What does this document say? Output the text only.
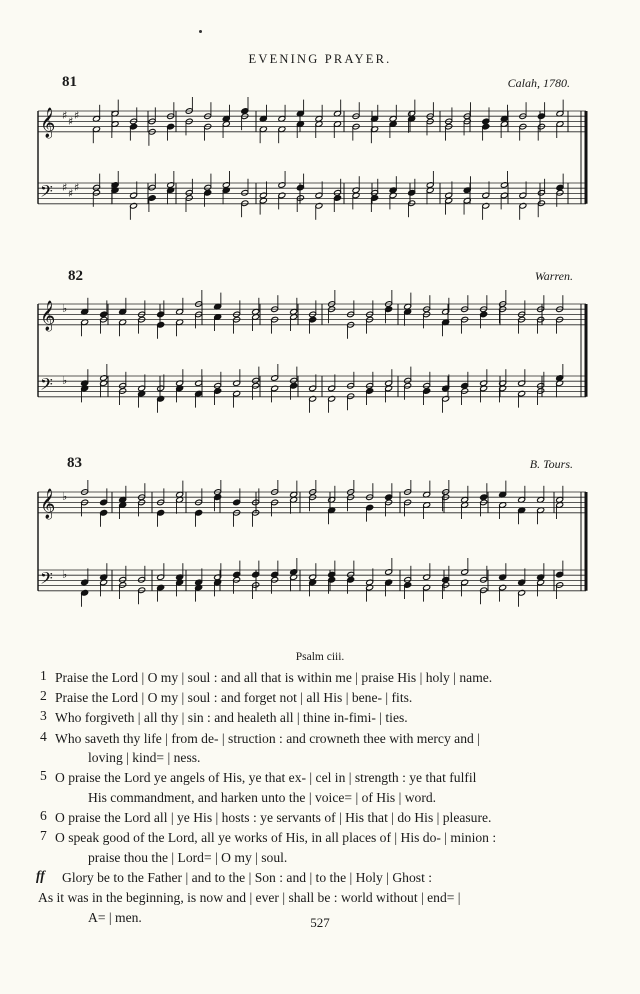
EVENING PRAYER.
81	Calah, 1780.
𝄞 ♯ ♯ ♯
𝄢 ♯ ♯ ♯
82	Warren.
𝄞 ♭
𝄢 ♭
83	B. Tours.
𝄞 ♭
𝄢 ♭
Psalm ciii.
1 Praise the Lord | O my | soul : and all that is within me | praise His | holy | name.
2 Praise the Lord | O my | soul : and forget not | all His | bene- | fits.
3 Who forgiveth | all thy | sin : and healeth all | thine in-fimi- | ties.
4 Who saveth thy life | from de- | struction : and crowneth thee with mercy and |
loving | kind= | ness.
5 O praise the Lord ye angels of His, ye that ex- | cel in | strength : ye that fulfil
His commandment, and harken unto the | voice= | of His | word.
6 O praise the Lord all | ye His | hosts : ye servants of | His that | do His | pleasure.
7 O speak good of the Lord, all ye works of His, in all places of | His do- | minion :
praise thou the | Lord= | O my | soul.
ff Glory be to the Father | and to the | Son : and | to the | Holy | Ghost :
As it was in the beginning, is now and | ever | shall be : world without | end= |
A= | men.	527
